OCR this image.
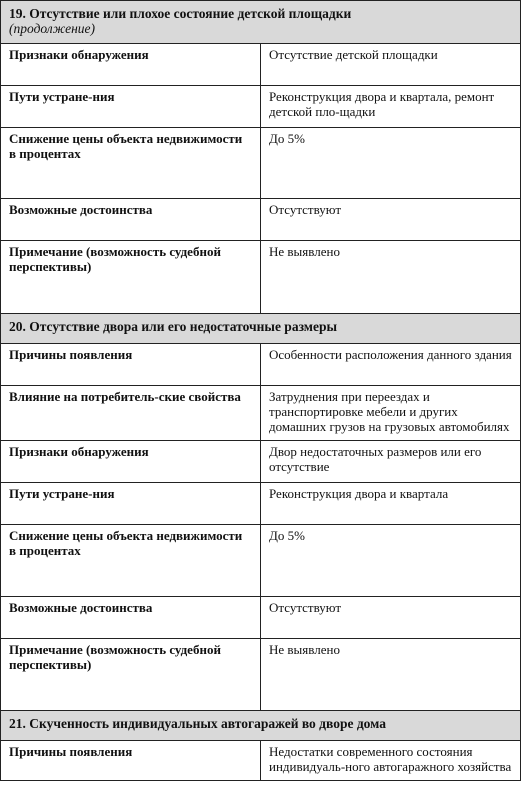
19. Отсутствие или плохое состояние детской площадки
(продолжение)	

Признаки обнаружения	Отсутствие детской площадки
Пути устране-ния	Реконструкция двора и квартала, ремонт детской пло-щадки
Снижение цены объекта недвижимости в процентах	До 5%
Возможные достоинства	Отсутствуют
Примечание (возможность судебной перспективы)	Не выявлено
20. Отсутствие двора или его недостаточные размеры	
Причины появления	Особенности расположения данного здания
Влияние на потребитель-ские свойства	Затруднения при переездах и транспортировке мебели и других домашних грузов на грузовых автомобилях
Признаки обнаружения	Двор недостаточных размеров или его отсутствие
Пути устране-ния	Реконструкция двора и квартала
Снижение цены объекта недвижимости в процентах	До 5%
Возможные достоинства	Отсутствуют
Примечание (возможность судебной перспективы)	Не выявлено
21. Скученность индивидуальных автогаражей во дворе дома	
Причины появления	Недостатки современного состояния индивидуаль-ного автогаражного хозяйства
